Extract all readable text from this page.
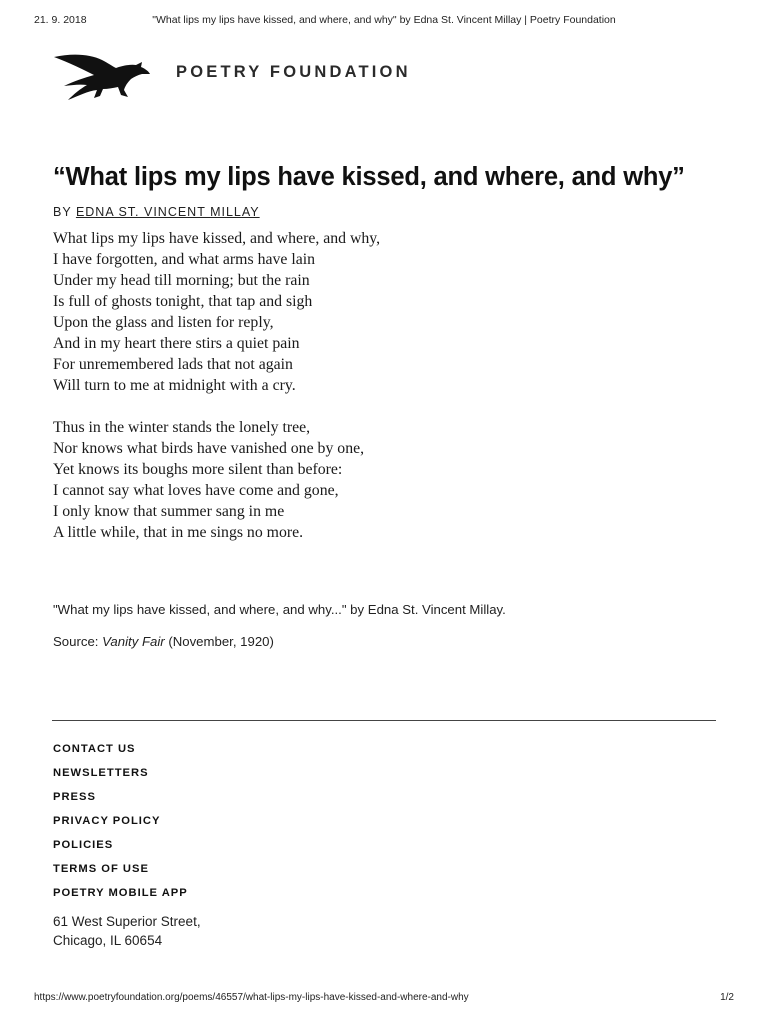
21. 9. 2018	"What lips my lips have kissed, and where, and why" by Edna St. Vincent Millay | Poetry Foundation
POETRY FOUNDATION
“What lips my lips have kissed, and where, and why”
BY EDNA ST. VINCENT MILLAY
What lips my lips have kissed, and where, and why,
I have forgotten, and what arms have lain
Under my head till morning; but the rain
Is full of ghosts tonight, that tap and sigh
Upon the glass and listen for reply,
And in my heart there stirs a quiet pain
For unremembered lads that not again
Will turn to me at midnight with a cry.
Thus in the winter stands the lonely tree,
Nor knows what birds have vanished one by one,
Yet knows its boughs more silent than before:
I cannot say what loves have come and gone,
I only know that summer sang in me
A little while, that in me sings no more.
"What my lips have kissed, and where, and why..." by Edna St. Vincent Millay.
Source: Vanity Fair (November, 1920)
CONTACT US
NEWSLETTERS
PRESS
PRIVACY POLICY
POLICIES
TERMS OF USE
POETRY MOBILE APP
61 West Superior Street,
Chicago, IL 60654
https://www.poetryfoundation.org/poems/46557/what-lips-my-lips-have-kissed-and-where-and-why	1/2
